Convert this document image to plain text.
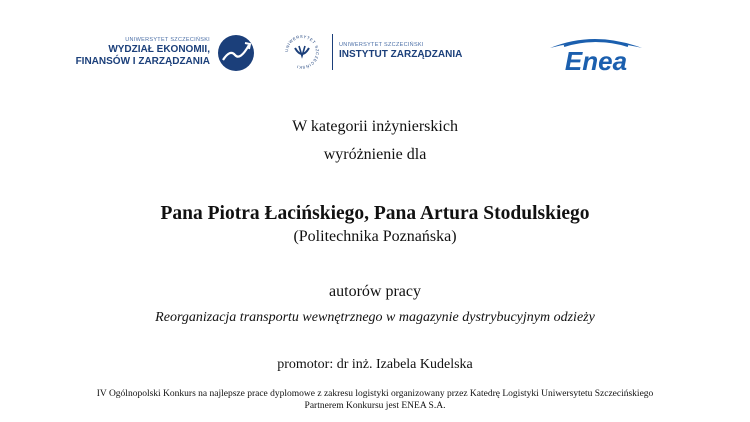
UNIWERSYTET SZCZECIŃSKI
WYDZIAŁ EKONOMII,
FINANSÓW I ZARZĄDZANIA
UNIWERSYTET SZCZECIŃSKI
UNIWERSYTET SZCZECIŃSKI
INSTYTUT ZARZĄDZANIA	Enea
W kategorii inżynierskich
wyróżnienie dla
Pana Piotra Łacińskiego, Pana Artura Stodulskiego
(Politechnika Poznańska)
autorów pracy
Reorganizacja transportu wewnętrznego w magazynie dystrybucyjnym odzieży
promotor: dr inż. Izabela Kudelska
IV Ogólnopolski Konkurs na najlepsze prace dyplomowe z zakresu logistyki organizowany przez Katedrę Logistyki Uniwersytetu Szczecińskiego
Partnerem Konkursu jest ENEA S.A.
